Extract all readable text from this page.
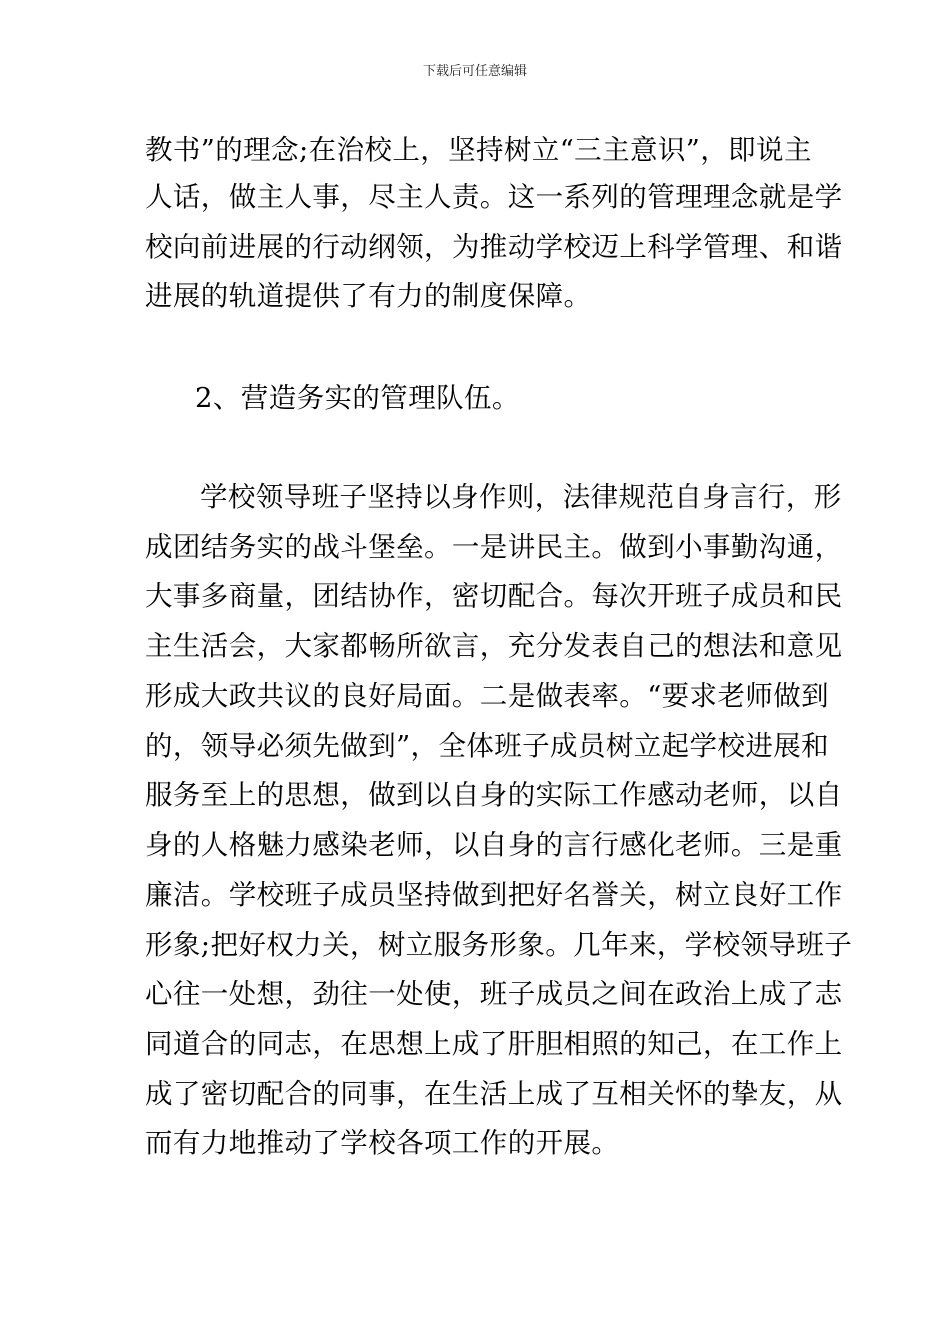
下载后可任意编辑
教书”的理念;在治校上，坚持树立“三主意识”，即说主
人话，做主人事，尽主人责。这一系列的管理理念就是学
校向前进展的行动纲领，为推动学校迈上科学管理、和谐
进展的轨道提供了有力的制度保障。
2、营造务实的管理队伍。
学校领导班子坚持以身作则，法律规范自身言行，形
成团结务实的战斗堡垒。一是讲民主。做到小事勤沟通，
大事多商量，团结协作，密切配合。每次开班子成员和民
主生活会，大家都畅所欲言，充分发表自己的想法和意见
形成大政共议的良好局面。二是做表率。“要求老师做到
的，领导必须先做到”，全体班子成员树立起学校进展和
服务至上的思想，做到以自身的实际工作感动老师，以自
身的人格魅力感染老师，以自身的言行感化老师。三是重
廉洁。学校班子成员坚持做到把好名誉关，树立良好工作
形象;把好权力关，树立服务形象。几年来，学校领导班子
心往一处想，劲往一处使，班子成员之间在政治上成了志
同道合的同志，在思想上成了肝胆相照的知己，在工作上
成了密切配合的同事，在生活上成了互相关怀的挚友，从
而有力地推动了学校各项工作的开展。
